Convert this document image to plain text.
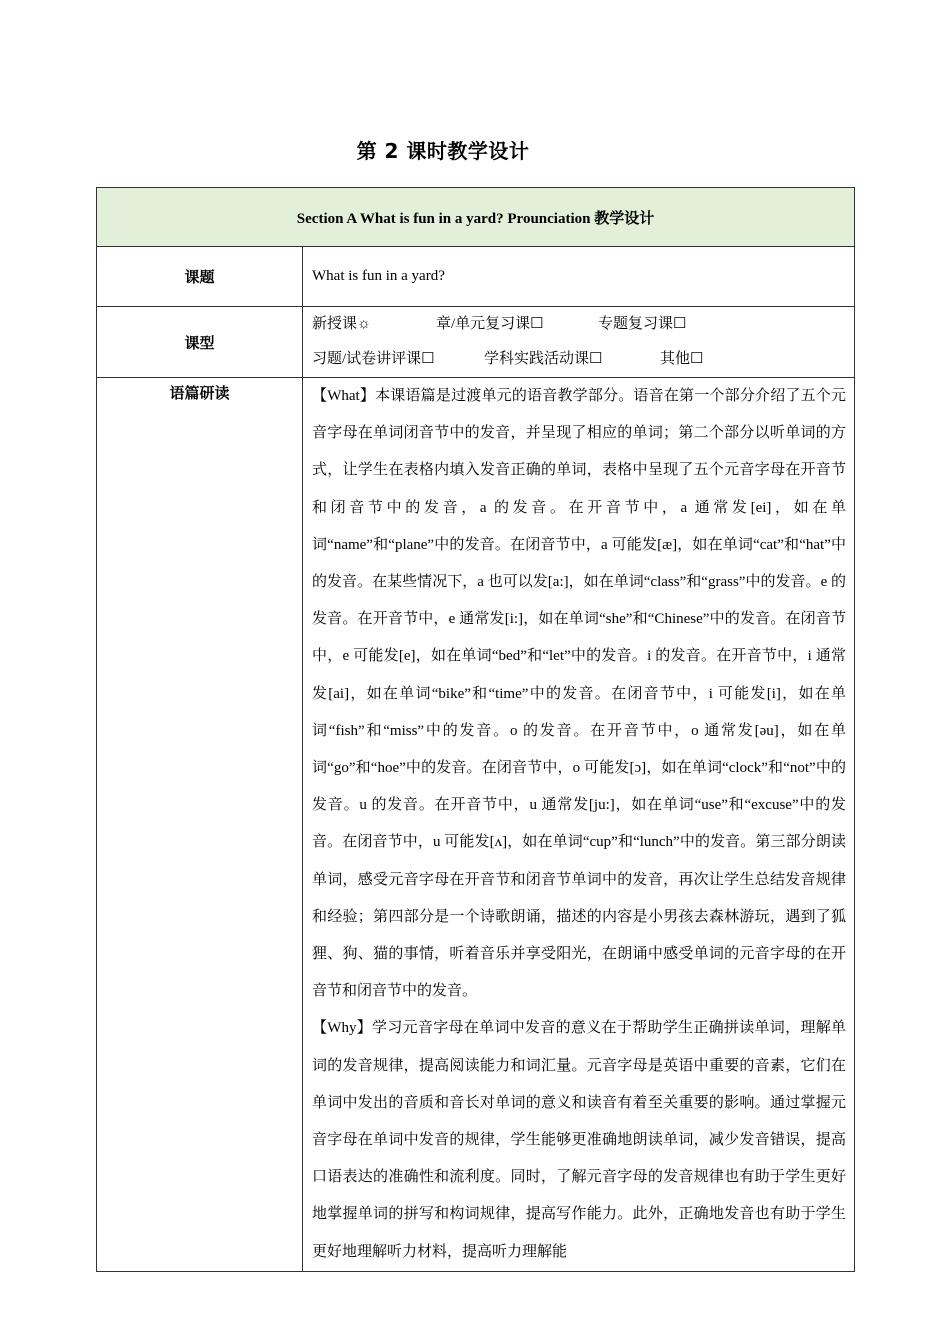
第 2 课时教学设计
Section A What is fun in a yard? Prounciation 教学设计	
课题	What is fun in a yard?
课型	新授课☼ 章/单元复习课☐ 专题复习课☐
习题/试卷讲评课☐ 学科实践活动课☐ 其他☐

语篇研读	【What】本课语篇是过渡单元的语音教学部分。语音在第一个部分介绍了五个元音字母在单词闭音节中的发音，并呈现了相应的单词；第二个部分以听单词的方式，让学生在表格内填入发音正确的单词，表格中呈现了五个元音字母在开音节和闭音节中的发音，a 的发音。在开音节中，a 通常发[ei]，如在单词“name”和“plane”中的发音。在闭音节中，a 可能发[æ]，如在单词“cat”和“hat”中的发音。在某些情况下，a 也可以发[a:]，如在单词“class”和“grass”中的发音。e 的发音。在开音节中，e 通常发[i:]，如在单词“she”和“Chinese”中的发音。在闭音节中，e 可能发[e]，如在单词“bed”和“let”中的发音。i 的发音。在开音节中，i 通常发[ai]，如在单词“bike”和“time”中的发音。在闭音节中，i 可能发[i]，如在单词“fish”和“miss”中的发音。o 的发音。在开音节中，o 通常发[əu]，如在单词“go”和“hoe”中的发音。在闭音节中，o 可能发[ɔ]，如在单词“clock”和“not”中的发音。u 的发音。在开音节中，u 通常发[ju:]，如在单词“use”和“excuse”中的发音。在闭音节中，u 可能发[ʌ]，如在单词“cup”和“lunch”中的发音。第三部分朗读单词，感受元音字母在开音节和闭音节单词中的发音，再次让学生总结发音规律和经验；第四部分是一个诗歌朗诵，描述的内容是小男孩去森林游玩，遇到了狐狸、狗、猫的事情，听着音乐并享受阳光，在朗诵中感受单词的元音字母的在开音节和闭音节中的发音。

【Why】学习元音字母在单词中发音的意义在于帮助学生正确拼读单词，理解单词的发音规律，提高阅读能力和词汇量。元音字母是英语中重要的音素，它们在单词中发出的音质和音长对单词的意义和读音有着至关重要的影响。通过掌握元音字母在单词中发音的规律，学生能够更准确地朗读单词，减少发音错误，提高口语表达的准确性和流利度。同时，了解元音字母的发音规律也有助于学生更好地掌握单词的拼写和构词规律，提高写作能力。此外，正确地发音也有助于学生更好地理解听力材料，提高听力理解能
